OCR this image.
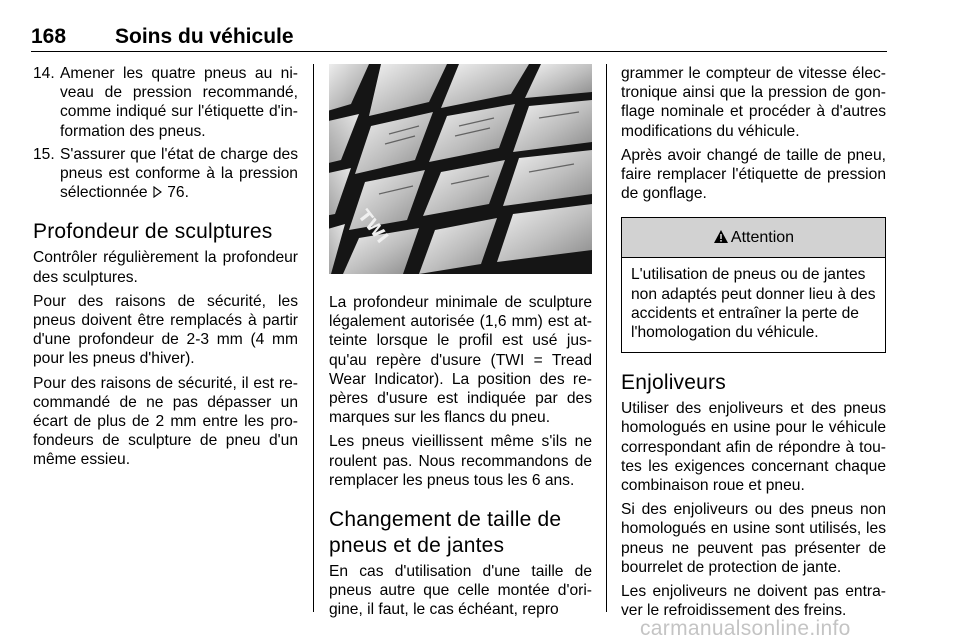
168 Soins du véhicule
14. Amener les quatre pneus au niveau de pression recommandé, comme indiqué sur l'étiquette d'information des pneus.
15. S'assurer que l'état de charge des pneus est conforme à la pression sélectionnée  76.
Profondeur de sculptures

Contrôler régulièrement la profondeur des sculptures.

Pour des raisons de sécurité, les pneus doivent être remplacés à partir d'une profondeur de 2-3 mm (4 mm pour les pneus d'hiver).

Pour des raisons de sécurité, il est recommandé de ne pas dépasser un écart de plus de 2 mm entre les profondeurs de sculpture de pneu d'un même essieu.

TWI

La profondeur minimale de sculpture légalement autorisée (1,6 mm) est atteinte lorsque le profil est usé jusqu'au repère d'usure (TWI = Tread Wear Indicator). La position des repères d'usure est indiquée par des marques sur les flancs du pneu.

Les pneus vieillissent même s'ils ne roulent pas. Nous recommandons de remplacer les pneus tous les 6 ans.

Changement de taille de pneus et de jantes

En cas d'utilisation d'une taille de pneus autre que celle montée d'origine, il faut, le cas échéant, repro

grammer le compteur de vitesse électronique ainsi que la pression de gonflage nominale et procéder à d'autres modifications du véhicule.

Après avoir changé de taille de pneu, faire remplacer l'étiquette de pression de gonflage.

Attention
L'utilisation de pneus ou de jantes non adaptés peut donner lieu à des accidents et entraîner la perte de l'homologation du véhicule.
Enjoliveurs

Utiliser des enjoliveurs et des pneus homologués en usine pour le véhicule correspondant afin de répondre à toutes les exigences concernant chaque combinaison roue et pneu.

Si des enjoliveurs ou des pneus non homologués en usine sont utilisés, les pneus ne peuvent pas présenter de bourrelet de protection de jante.

Les enjoliveurs ne doivent pas entraver le refroidissement des freins.

carmanualsonline.info
